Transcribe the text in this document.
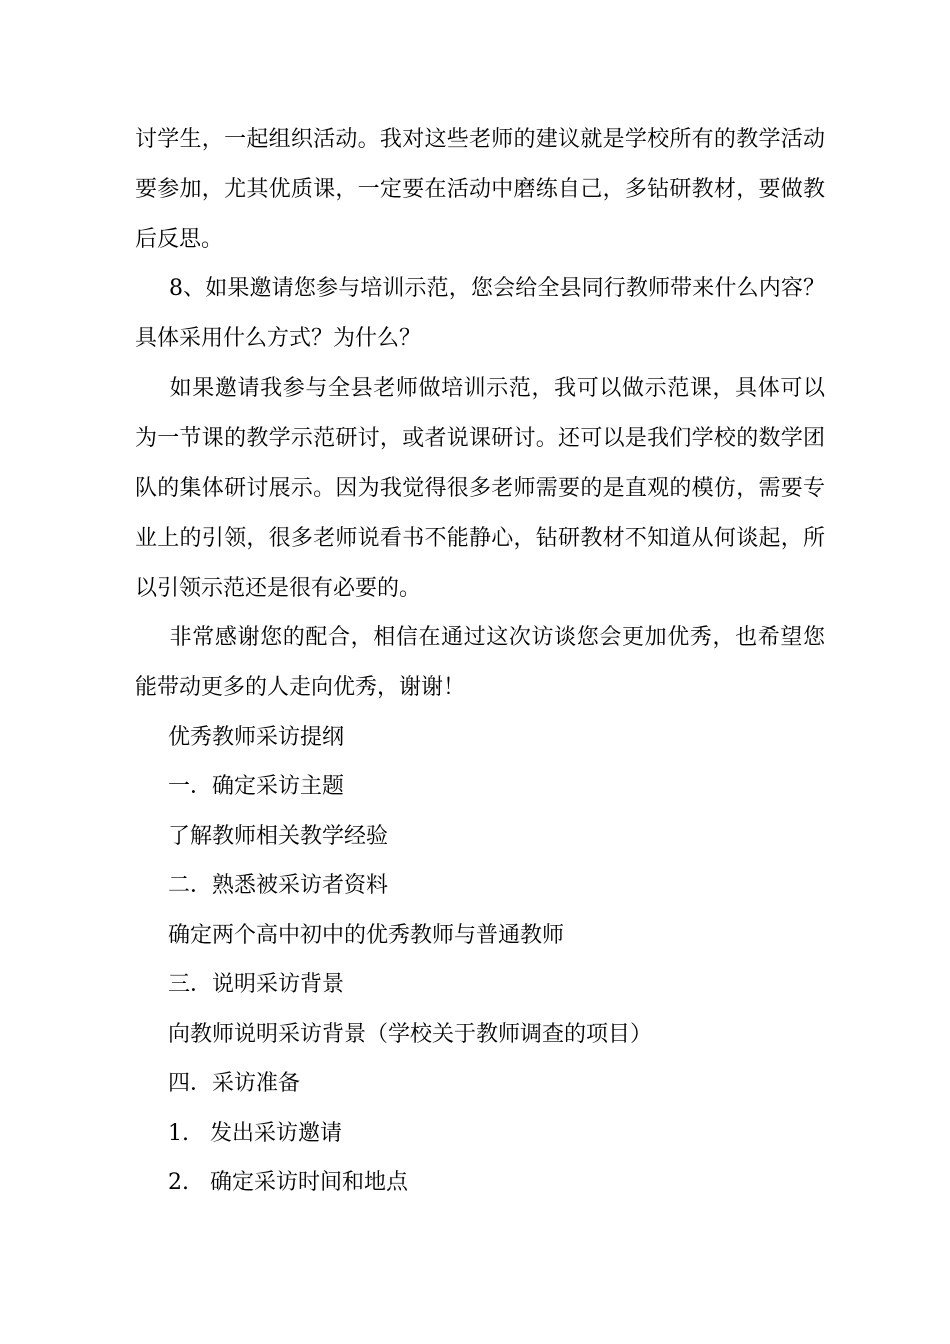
讨学生，一起组织活动。我对这些老师的建议就是学校所有的教学活动要参加，尤其优质课，一定要在活动中磨练自己，多钻研教材，要做教后反思。
8、如果邀请您参与培训示范，您会给全县同行教师带来什么内容？具体采用什么方式？为什么？
如果邀请我参与全县老师做培训示范，我可以做示范课，具体可以为一节课的教学示范研讨，或者说课研讨。还可以是我们学校的数学团队的集体研讨展示。因为我觉得很多老师需要的是直观的模仿，需要专业上的引领，很多老师说看书不能静心，钻研教材不知道从何谈起，所以引领示范还是很有必要的。
非常感谢您的配合，相信在通过这次访谈您会更加优秀，也希望您能带动更多的人走向优秀，谢谢！
优秀教师采访提纲
一．确定采访主题
了解教师相关教学经验
二．熟悉被采访者资料
确定两个高中初中的优秀教师与普通教师
三．说明采访背景
向教师说明采访背景（学校关于教师调查的项目）
四．采访准备
1. 发出采访邀请
2. 确定采访时间和地点
